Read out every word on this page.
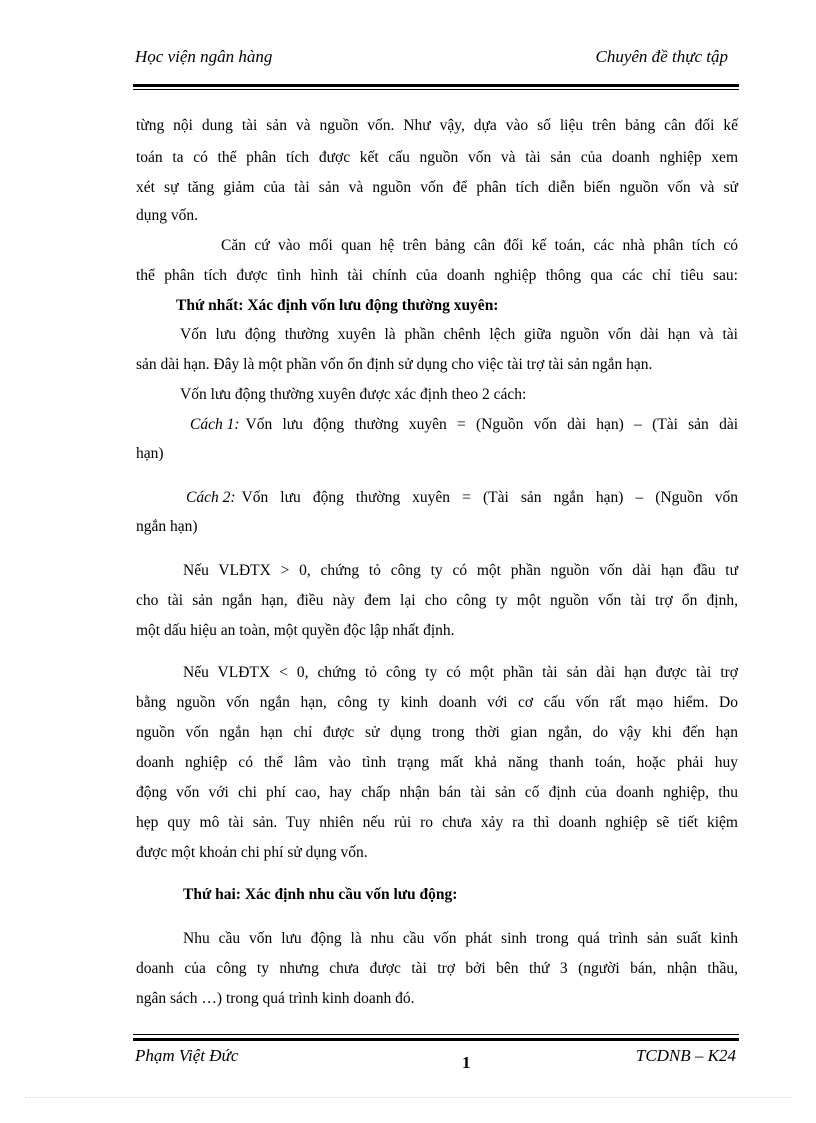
Học viện ngân hàng	Chuyên đề thực tập
từng nội dung tài sản và nguồn vốn. Như vậy, dựa vào số liệu trên bảng cân đối kế
toán ta có thể phân tích được kết cấu nguồn vốn và tài sản của doanh nghiệp xem
xét sự tăng giảm của tài sản và nguồn vốn để phân tích diễn biến nguồn vốn và sử
dụng vốn.
Căn cứ vào mối quan hệ trên bảng cân đối kế toán, các nhà phân tích có
thể phân tích được tình hình tài chính của doanh nghiệp thông qua các chỉ tiêu sau:
Thứ nhất: Xác định vốn lưu động thường xuyên:
Vốn lưu động thường xuyên là phần chênh lệch giữa nguồn vốn dài hạn và tài
sản dài hạn. Đây là một phần vốn ổn định sử dụng cho việc tài trợ tài sản ngắn hạn.
Vốn lưu động thường xuyên được xác định theo 2 cách:
Cách 1: Vốn lưu động thường xuyên = (Nguồn vốn dài hạn) – (Tài sản dài
hạn)
Cách 2: Vốn lưu động thường xuyên = (Tài sản ngắn hạn) – (Nguồn vốn
ngắn hạn)
Nếu VLĐTX > 0, chứng tỏ công ty có một phần nguồn vốn dài hạn đầu tư
cho tài sản ngắn hạn, điều này đem lại cho công ty một nguồn vốn tài trợ ổn định,
một dấu hiệu an toàn, một quyền độc lập nhất định.
Nếu VLĐTX < 0, chứng tỏ công ty có một phần tài sản dài hạn được tài trợ
bằng nguồn vốn ngắn hạn, công ty kinh doanh với cơ cấu vốn rất mạo hiểm. Do
nguồn vốn ngắn hạn chỉ được sử dụng trong thời gian ngắn, do vậy khi đến hạn
doanh nghiệp có thể lâm vào tình trạng mất khả năng thanh toán, hoặc phải huy
động vốn với chi phí cao, hay chấp nhận bán tài sản cố định của doanh nghiệp, thu
hẹp quy mô tài sản. Tuy nhiên nếu rủi ro chưa xảy ra thì doanh nghiệp sẽ tiết kiệm
được một khoản chi phí sử dụng vốn.
Thứ hai: Xác định nhu cầu vốn lưu động:
Nhu cầu vốn lưu động là nhu cầu vốn phát sinh trong quá trình sản suất kinh
doanh của công ty nhưng chưa được tài trợ bởi bên thứ 3 (người bán, nhận thầu,
ngân sách …) trong quá trình kinh doanh đó.
Phạm Việt Đức	1	TCDNB – K24
